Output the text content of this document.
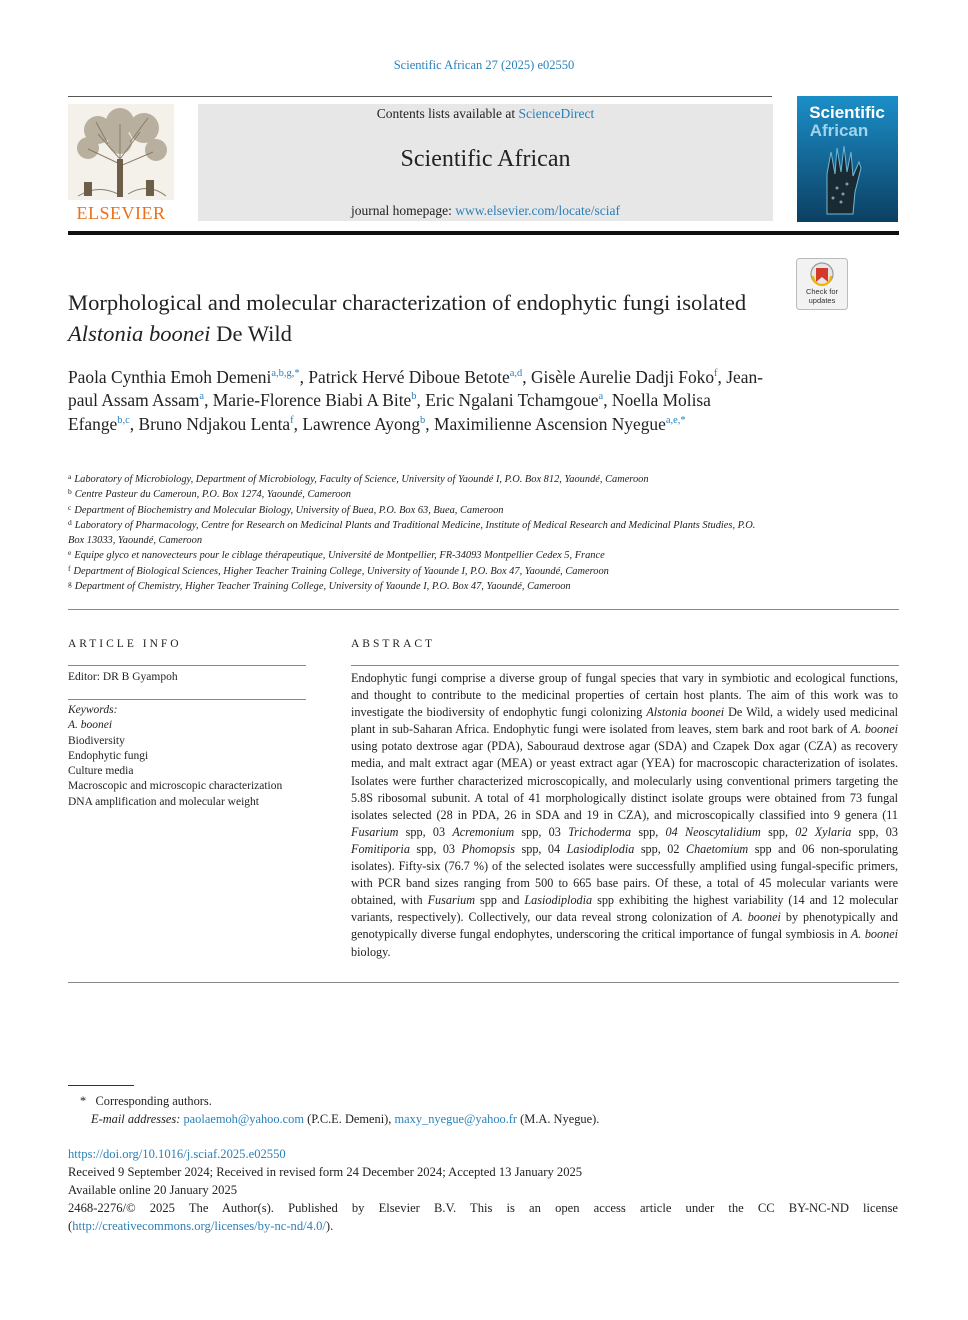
Scientific African 27 (2025) e02550
ELSEVIER
Contents lists available at ScienceDirect
Scientific African
journal homepage: www.elsevier.com/locate/sciaf
Scientific
African
Check for
updates
Morphological and molecular characterization of endophytic fungi isolated Alstonia boonei De Wild
Paola Cynthia Emoh Demeni$^{a,b,g,*}$, Patrick Hervé Diboue Betote$^{a,d}$, Gisèle Aurelie Dadji Foko$^f$, Jean-paul Assam Assam$^a$, Marie-Florence Biabi A Bite$^b$, Eric Ngalani Tchamgoue$^a$, Noella Molisa Efange$^{b,c}$, Bruno Ndjakou Lenta$^f$, Lawrence Ayong$^b$, Maximilienne Ascension Nyegue$^{a,e,*}$
$^a$ Laboratory of Microbiology, Department of Microbiology, Faculty of Science, University of Yaoundé I, P.O. Box 812, Yaoundé, Cameroon
$^b$ Centre Pasteur du Cameroun, P.O. Box 1274, Yaoundé, Cameroon
$^c$ Department of Biochemistry and Molecular Biology, University of Buea, P.O. Box 63, Buea, Cameroon
$^d$ Laboratory of Pharmacology, Centre for Research on Medicinal Plants and Traditional Medicine, Institute of Medical Research and Medicinal Plants Studies, P.O. Box 13033, Yaoundé, Cameroon
$^e$ Equipe glyco et nanovecteurs pour le ciblage thérapeutique, Université de Montpellier, FR-34093 Montpellier Cedex 5, France
$^f$ Department of Biological Sciences, Higher Teacher Training College, University of Yaounde I, P.O. Box 47, Yaoundé, Cameroon
$^g$ Department of Chemistry, Higher Teacher Training College, University of Yaounde I, P.O. Box 47, Yaoundé, Cameroon
ARTICLE INFO
Editor: DR B Gyampoh
Keywords:
A. boonei
Biodiversity
Endophytic fungi
Culture media
Macroscopic and microscopic characterization
DNA amplification and molecular weight
ABSTRACT
Endophytic fungi comprise a diverse group of fungal species that vary in symbiotic and ecological functions, and thought to contribute to the medicinal properties of certain host plants. The aim of this work was to investigate the biodiversity of endophytic fungi colonizing Alstonia boonei De Wild, a widely used medicinal plant in sub-Saharan Africa. Endophytic fungi were isolated from leaves, stem bark and root bark of A. boonei using potato dextrose agar (PDA), Sabouraud dextrose agar (SDA) and Czapek Dox agar (CZA) as recovery media, and malt extract agar (MEA) or yeast extract agar (YEA) for macroscopic characterization of isolates. Isolates were further characterized microscopically, and molecularly using conventional primers targeting the 5.8S ribosomal subunit. A total of 41 morphologically distinct isolate groups were obtained from 73 fungal isolates selected (28 in PDA, 26 in SDA and 19 in CZA), and microscopically classified into 9 genera (11 Fusarium spp, 03 Acremonium spp, 03 Trichoderma spp, 04 Neoscytalidium spp, 02 Xylaria spp, 03 Fomitiporia spp, 03 Phomopsis spp, 04 Lasiodiplodia spp, 02 Chaetomium spp and 06 non-sporulating isolates). Fifty-six (76.7 %) of the selected isolates were successfully amplified using fungal-specific primers, with PCR band sizes ranging from 500 to 665 base pairs. Of these, a total of 45 molecular variants were obtained, with Fusarium spp and Lasiodiplodia spp exhibiting the highest variability (14 and 12 molecular variants, respectively). Collectively, our data reveal strong colonization of A. boonei by phenotypically and genotypically diverse fungal endophytes, underscoring the critical importance of fungal symbiosis in A. boonei biology.
* Corresponding authors.
E-mail addresses: paolaemoh@yahoo.com (P.C.E. Demeni), maxy_nyegue@yahoo.fr (M.A. Nyegue).
https://doi.org/10.1016/j.sciaf.2025.e02550
Received 9 September 2024; Received in revised form 24 December 2024; Accepted 13 January 2025
Available online 20 January 2025
2468-2276/© 2025 The Author(s). Published by Elsevier B.V. This is an open access article under the CC BY-NC-ND license
(http://creativecommons.org/licenses/by-nc-nd/4.0/).
